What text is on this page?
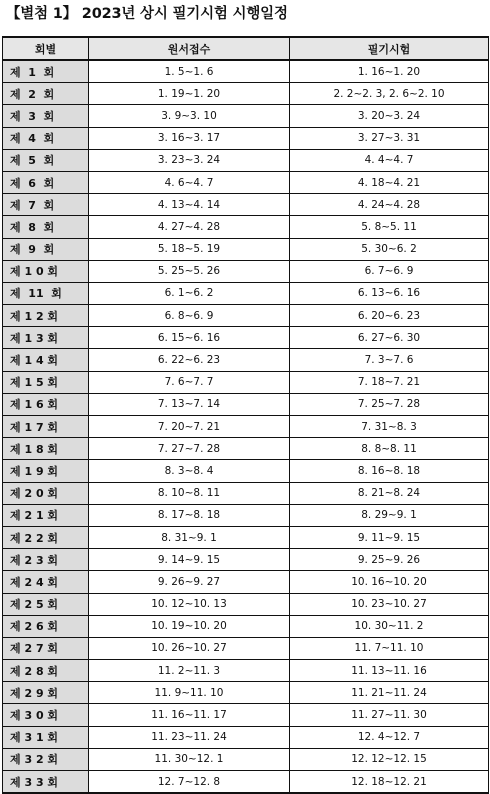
【별첨 1】 2023년 상시 필기시험 시행일정
회별	원서접수	필기시험
제  1  회	1. 5~1. 6	1. 16~1. 20
제  2  회	1. 19~1. 20	2. 2~2. 3, 2. 6~2. 10
제  3  회	3. 9~3. 10	3. 20~3. 24
제  4  회	3. 16~3. 17	3. 27~3. 31
제  5  회	3. 23~3. 24	4. 4~4. 7
제  6  회	4. 6~4. 7	4. 18~4. 21
제  7  회	4. 13~4. 14	4. 24~4. 28
제  8  회	4. 27~4. 28	5. 8~5. 11
제  9  회	5. 18~5. 19	5. 30~6. 2
제 1 0 회	5. 25~5. 26	6. 7~6. 9
제  11  회	6. 1~6. 2	6. 13~6. 16
제 1 2 회	6. 8~6. 9	6. 20~6. 23
제 1 3 회	6. 15~6. 16	6. 27~6. 30
제 1 4 회	6. 22~6. 23	7. 3~7. 6
제 1 5 회	7. 6~7. 7	7. 18~7. 21
제 1 6 회	7. 13~7. 14	7. 25~7. 28
제 1 7 회	7. 20~7. 21	7. 31~8. 3
제 1 8 회	7. 27~7. 28	8. 8~8. 11
제 1 9 회	8. 3~8. 4	8. 16~8. 18
제 2 0 회	8. 10~8. 11	8. 21~8. 24
제 2 1 회	8. 17~8. 18	8. 29~9. 1
제 2 2 회	8. 31~9. 1	9. 11~9. 15
제 2 3 회	9. 14~9. 15	9. 25~9. 26
제 2 4 회	9. 26~9. 27	10. 16~10. 20
제 2 5 회	10. 12~10. 13	10. 23~10. 27
제 2 6 회	10. 19~10. 20	10. 30~11. 2
제 2 7 회	10. 26~10. 27	11. 7~11. 10
제 2 8 회	11. 2~11. 3	11. 13~11. 16
제 2 9 회	11. 9~11. 10	11. 21~11. 24
제 3 0 회	11. 16~11. 17	11. 27~11. 30
제 3 1 회	11. 23~11. 24	12. 4~12. 7
제 3 2 회	11. 30~12. 1	12. 12~12. 15
제 3 3 회	12. 7~12. 8	12. 18~12. 21
